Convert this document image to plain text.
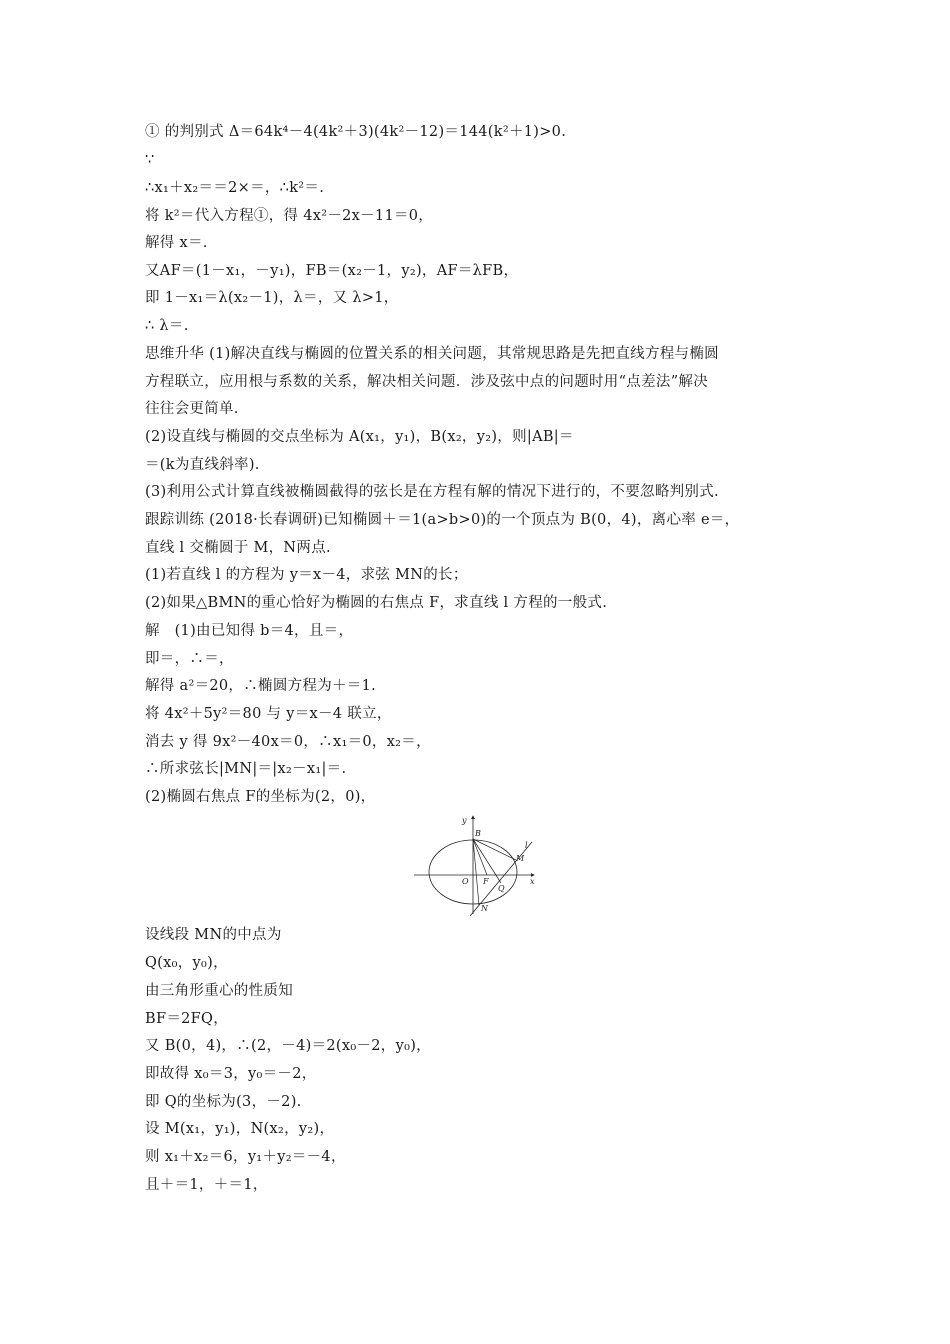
① 的判别式 Δ＝64k⁴－4(4k²＋3)(4k²－12)＝144(k²＋1)>0.
∵
∴x₁＋x₂＝＝2×＝，∴k²＝.
将 k²＝代入方程①，得 4x²－2x－11＝0，
解得 x＝.
又AF＝(1－x₁，－y₁)，FB＝(x₂－1，y₂)，AF＝λFB，
即 1－x₁＝λ(x₂－1)，λ＝，又 λ>1，
∴ λ＝.
思维升华 (1)解决直线与椭圆的位置关系的相关问题，其常规思路是先把直线方程与椭圆
方程联立，应用根与系数的关系，解决相关问题．涉及弦中点的问题时用“点差法”解决
往往会更简单.
(2)设直线与椭圆的交点坐标为 A(x₁，y₁)，B(x₂，y₂)，则|AB|＝
＝(k为直线斜率).
(3)利用公式计算直线被椭圆截得的弦长是在方程有解的情况下进行的，不要忽略判别式.
跟踪训练 (2018·长春调研)已知椭圆＋＝1(a>b>0)的一个顶点为 B(0，4)，离心率 e＝，
直线 l 交椭圆于 M，N两点.
(1)若直线 l 的方程为 y＝x－4，求弦 MN的长；
(2)如果△BMN的重心恰好为椭圆的右焦点 F，求直线 l 方程的一般式.
解　(1)由已知得 b＝4，且＝，
即＝，∴＝，
解得 a²＝20，∴椭圆方程为＋＝1.
将 4x²＋5y²＝80 与 y＝x－4 联立，
消去 y 得 9x²－40x＝0，∴x₁＝0，x₂＝，
∴所求弦长|MN|＝|x₂－x₁|＝.
(2)椭圆右焦点 F的坐标为(2，0)，
y
x
B
O F
Q
M
N
l
设线段 MN的中点为
Q(x₀，y₀)，
由三角形重心的性质知
BF＝2FQ，
又 B(0，4)，∴(2，－4)＝2(x₀－2，y₀)，
即故得 x₀＝3，y₀＝－2，
即 Q的坐标为(3，－2).
设 M(x₁，y₁)，N(x₂，y₂)，
则 x₁＋x₂＝6，y₁＋y₂＝－4，
且＋＝1，＋＝1，
